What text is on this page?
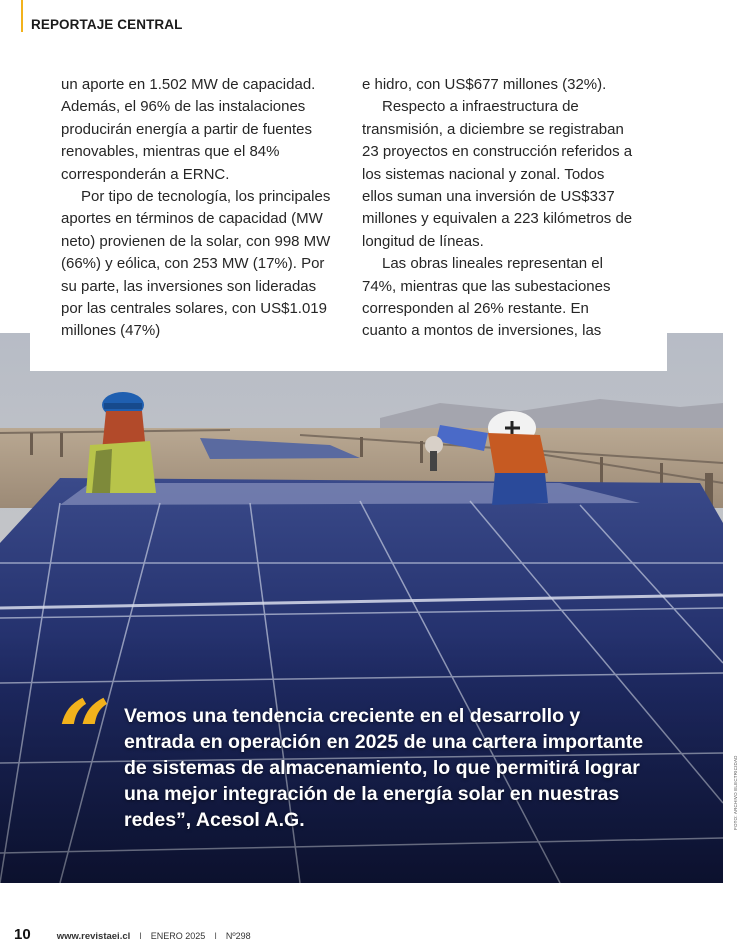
REPORTAJE CENTRAL

un aporte en 1.502 MW de capacidad. Además, el 96% de las instalaciones producirán energía a partir de fuentes renovables, mientras que el 84% corresponderán a ERNC.

Por tipo de tecnología, los principales aportes en términos de capacidad (MW neto) provienen de la solar, con 998 MW (66%) y eólica, con 253 MW (17%). Por su parte, las inversiones son lideradas por las centrales solares, con US$1.019 millones (47%)

e hidro, con US$677 millones (32%).

Respecto a infraestructura de transmisión, a diciembre se registraban 23 proyectos en construcción referidos a los sistemas nacional y zonal. Todos ellos suman una inversión de US$337 millones y equivalen a 223 kilómetros de longitud de líneas.

Las obras lineales representan el 74%, mientras que las subestaciones corresponden al 26% restante. En cuanto a montos de inversiones, las

“ Vemos una tendencia creciente en el desarrollo y entrada en operación en 2025 de una cartera importante de sistemas de almacenamiento, lo que permitirá lograr una mejor integración de la energía solar en nuestras redes”, Acesol A.G.	FOTO: ARCHIVO ELECTRICIDAD
10	www.revistaei.cl I ENERO 2025 I Nº298
